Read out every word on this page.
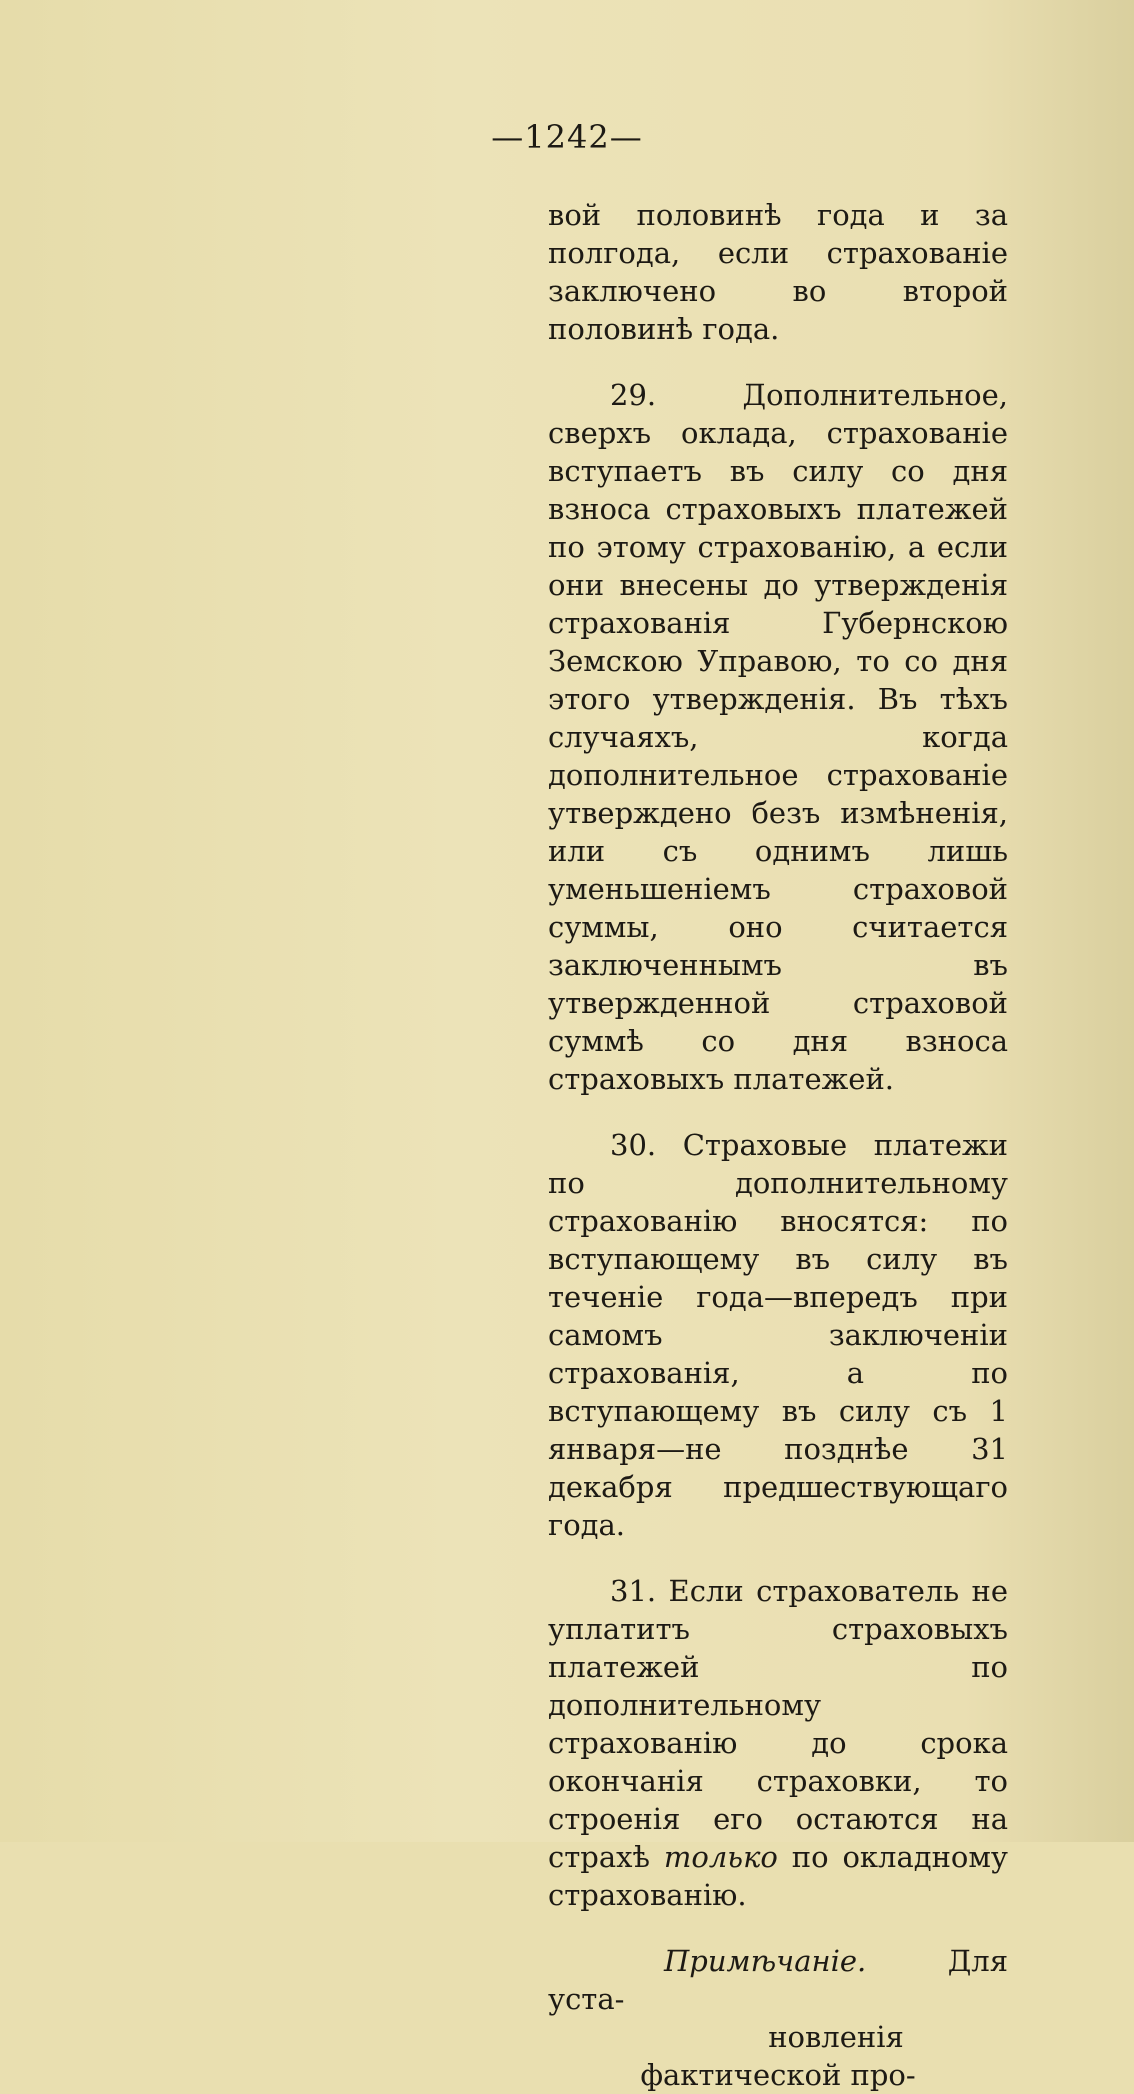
—1242—

вой половинѣ года и за полгода, если страхованіе заключено во второй половинѣ года.

29.	Дополнительное, сверхъ оклада, страхованіе вступаетъ въ силу со дня взноса страховыхъ платежей по этому страхованію, а если они внесены до утвержденія страхованія Губернскою Земскою Управою, то со дня этого утвержденія. Въ тѣхъ случаяхъ, когда дополнительное страхованіе утверждено безъ измѣненія, или съ однимъ лишь уменьшеніемъ страховой суммы, оно считается заключеннымъ въ утвержденной страховой суммѣ со дня взноса страховыхъ платежей.

30. Страховые платежи по дополнительному страхованію вносятся: по вступающему въ силу въ теченіе года—впередъ при самомъ заключеніи страхованія, а по вступающему въ силу съ 1 января—не позднѣе 31 декабря предшествующаго года.

31. Если страхователь не уплатитъ страховыхъ платежей по дополнительному страхованію до срока окончанія страховки, то строенія его остаются на страхѣ только по окладному страхованію.

Примѣчаніе.	Для уста-
новленія фактической про-
